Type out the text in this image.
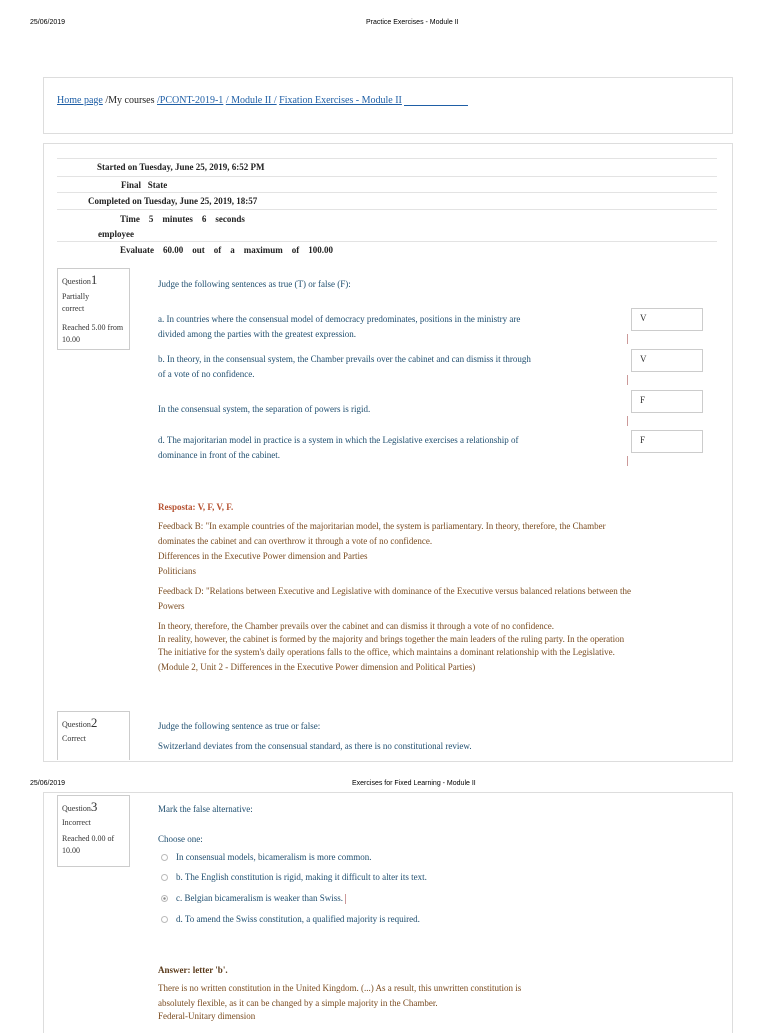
25/06/2019	Practice Exercises - Module II
Home page /My courses /PCONT-2019-1 / Module II / Fixation Exercises - Module II
Started on Tuesday, June 25, 2019, 6:52 PM
Final State
Completed on Tuesday, June 25, 2019, 18:57
Time 5    minutes    6    seconds
employee
Evaluate 60.00    out    of    a    maximum    of    100.00
Question1
Partially correct
Reached 5.00 from 10.00
Judge the following sentences as true (T) or false (F):
a. In countries where the consensual model of democracy predominates, positions in the ministry are
divided among the parties with the greatest expression.
V
b. In theory, in the consensual system, the Chamber prevails over the cabinet and can dismiss it through
of a vote of no confidence.
V
In the consensual system, the separation of powers is rigid.
F
d. The majoritarian model in practice is a system in which the Legislative exercises a relationship of
dominance in front of the cabinet.
F
Resposta: V, F, V, F.
Feedback B: "In example countries of the majoritarian model, the system is parliamentary. In theory, therefore, the Chamber
dominates the cabinet and can overthrow it through a vote of no confidence.
Differences in the Executive Power dimension and Parties
Politicians
Feedback D: "Relations between Executive and Legislative with dominance of the Executive versus balanced relations between the
Powers
In theory, therefore, the Chamber prevails over the cabinet and can dismiss it through a vote of no confidence.
In reality, however, the cabinet is formed by the majority and brings together the main leaders of the ruling party. In the operation
The initiative for the system's daily operations falls to the office, which maintains a dominant relationship with the Legislative.
(Module 2, Unit 2 - Differences in the Executive Power dimension and Political Parties)
Question2
Correct
Judge the following sentence as true or false:
Switzerland deviates from the consensual standard, as there is no constitutional review.
25/06/2019	Exercises for Fixed Learning - Module II
Question3
Incorrect
Reached 0.00 of 10.00
Mark the false alternative:
Choose one:
In consensual models, bicameralism is more common.
b. The English constitution is rigid, making it difficult to alter its text.
c. Belgian bicameralism is weaker than Swiss.
d. To amend the Swiss constitution, a qualified majority is required.
Answer: letter 'b'.
There is no written constitution in the United Kingdom. (...) As a result, this unwritten constitution is
absolutely flexible, as it can be changed by a simple majority in the Chamber.
Federal-Unitary dimension
